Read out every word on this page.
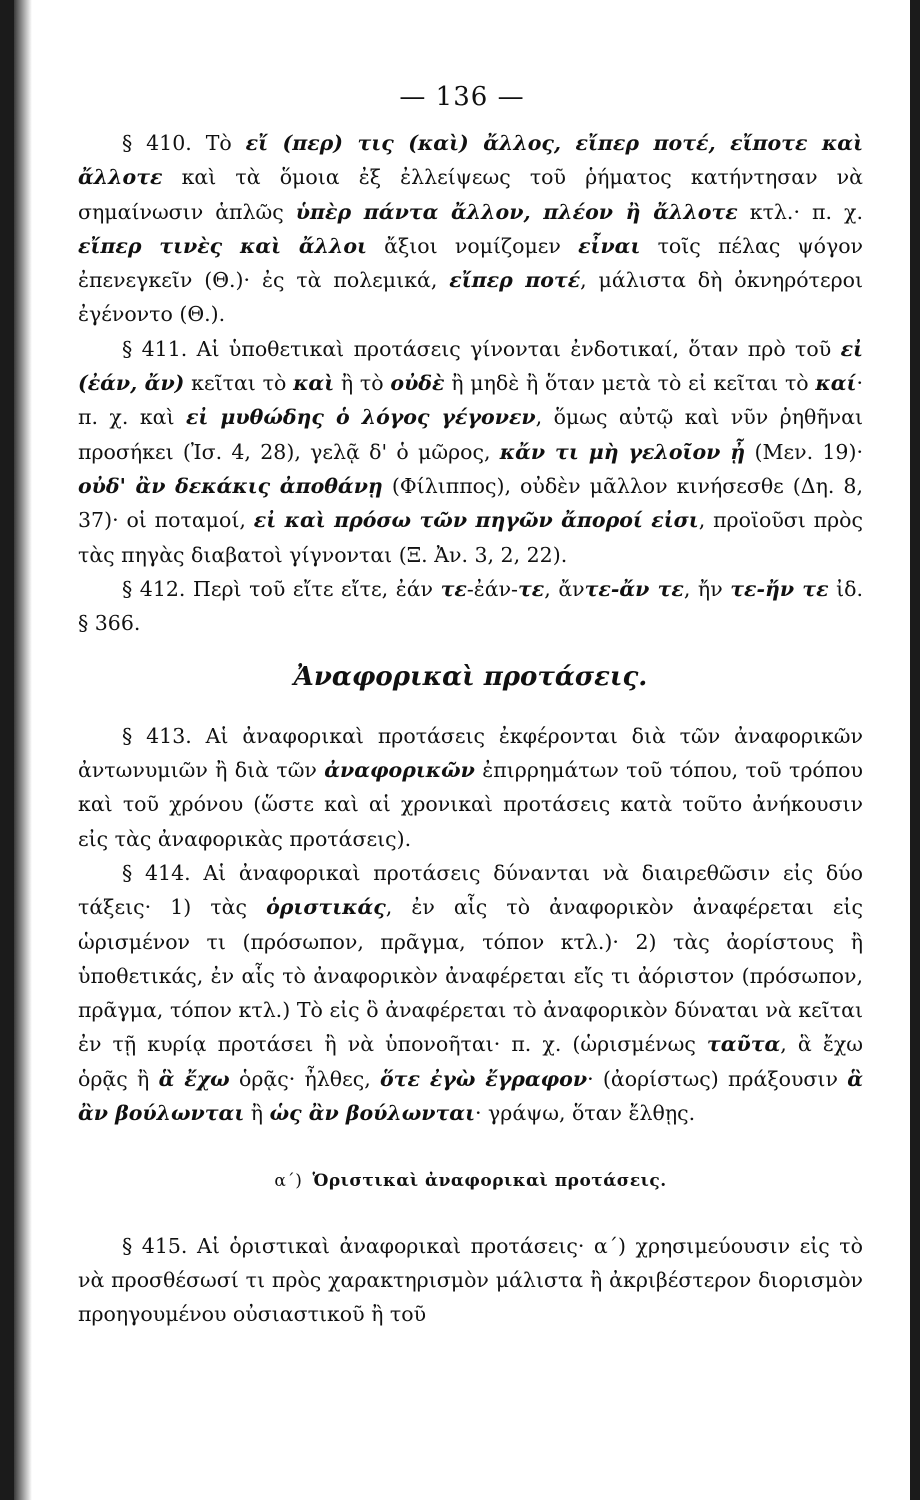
— 136 —

§ 410. Τὸ εἴ (περ) τις (καὶ) ἄλλος, εἴπερ ποτέ, εἴποτε καὶ ἄλλοτε καὶ τὰ ὅμοια ἐξ ἐλλείψεως τοῦ ῥήματος κατήντησαν νὰ σημαίνωσιν ἁπλῶς ὑπὲρ πάντα ἄλλον, πλέον ἢ ἄλλοτε κτλ.· π. χ. εἴπερ τινὲς καὶ ἄλλοι ἄξιοι νομίζομεν εἶναι τοῖς πέλας ψόγον ἐπενεγκεῖν (Θ.)· ἐς τὰ πολεμικά, εἴπερ ποτέ, μάλιστα δὴ ὀκνηρότεροι ἐγένοντο (Θ.).

§ 411. Αἱ ὑποθετικαὶ προτάσεις γίνονται ἐνδοτικαί, ὅταν πρὸ τοῦ εἰ (ἐάν, ἄν) κεῖται τὸ καὶ ἢ τὸ οὐδὲ ἢ μηδὲ ἢ ὅταν μετὰ τὸ εἰ κεῖται τὸ καί· π. χ. καὶ εἰ μυθώδης ὁ λόγος γέγονεν, ὅμως αὐτῷ καὶ νῦν ῥηθῆναι προσήκει (Ἰσ. 4, 28), γελᾷ δ' ὁ μῶρος, κἄν τι μὴ γελοῖον ᾖ (Μεν. 19)· οὐδ' ἂν δεκάκις ἀποθάνῃ (Φίλιππος), οὐδὲν μᾶλλον κινήσεσθε (Δη. 8, 37)· οἱ ποταμοί, εἰ καὶ πρόσω τῶν πηγῶν ἄποροί εἰσι, προϊοῦσι πρὸς τὰς πηγὰς διαβατοὶ γίγνονται (Ξ. Ἀν. 3, 2, 22).

§ 412. Περὶ τοῦ εἴτε εἴτε, ἐάν τε-ἐάν-τε, ἄντε-ἄν τε, ἤν τε-ἤν τε ἰδ. § 366.

Ἀναφορικαὶ προτάσεις.

§ 413. Αἱ ἀναφορικαὶ προτάσεις ἐκφέρονται διὰ τῶν ἀναφορικῶν ἀντωνυμιῶν ἢ διὰ τῶν ἀναφορικῶν ἐπιρρημάτων τοῦ τόπου, τοῦ τρόπου καὶ τοῦ χρόνου (ὥστε καὶ αἱ χρονικαὶ προτάσεις κατὰ τοῦτο ἀνήκουσιν εἰς τὰς ἀναφορικὰς προτάσεις).

§ 414. Αἱ ἀναφορικαὶ προτάσεις δύνανται νὰ διαιρεθῶσιν εἰς δύο τάξεις· 1) τὰς ὁριστικάς, ἐν αἷς τὸ ἀναφορικὸν ἀναφέρεται εἰς ὡρισμένον τι (πρόσωπον, πρᾶγμα, τόπον κτλ.)· 2) τὰς ἀορίστους ἢ ὑποθετικάς, ἐν αἷς τὸ ἀναφορικὸν ἀναφέρεται εἴς τι ἀόριστον (πρόσωπον, πρᾶγμα, τόπον κτλ.) Τὸ εἰς ὃ ἀναφέρεται τὸ ἀναφορικὸν δύναται νὰ κεῖται ἐν τῇ κυρίᾳ προτάσει ἢ νὰ ὑπονοῆται· π. χ. (ὡρισμένως ταῦτα, ἃ ἔχω ὁρᾷς ἢ ἃ ἔχω ὁρᾷς· ἦλθες, ὅτε ἐγὼ ἔγραφον· (ἀορίστως) πράξουσιν ἃ ἂν βούλωνται ἢ ὡς ἂν βούλωνται· γράψω, ὅταν ἔλθῃς.

α΄) Ὁριστικαὶ ἀναφορικαὶ προτάσεις.

§ 415. Αἱ ὁριστικαὶ ἀναφορικαὶ προτάσεις· α΄) χρησιμεύουσιν εἰς τὸ νὰ προσθέσωσί τι πρὸς χαρακτηρισμὸν μάλιστα ἢ ἀκριβέστερον διορισμὸν προηγουμένου οὐσιαστικοῦ ἢ τοῦ
